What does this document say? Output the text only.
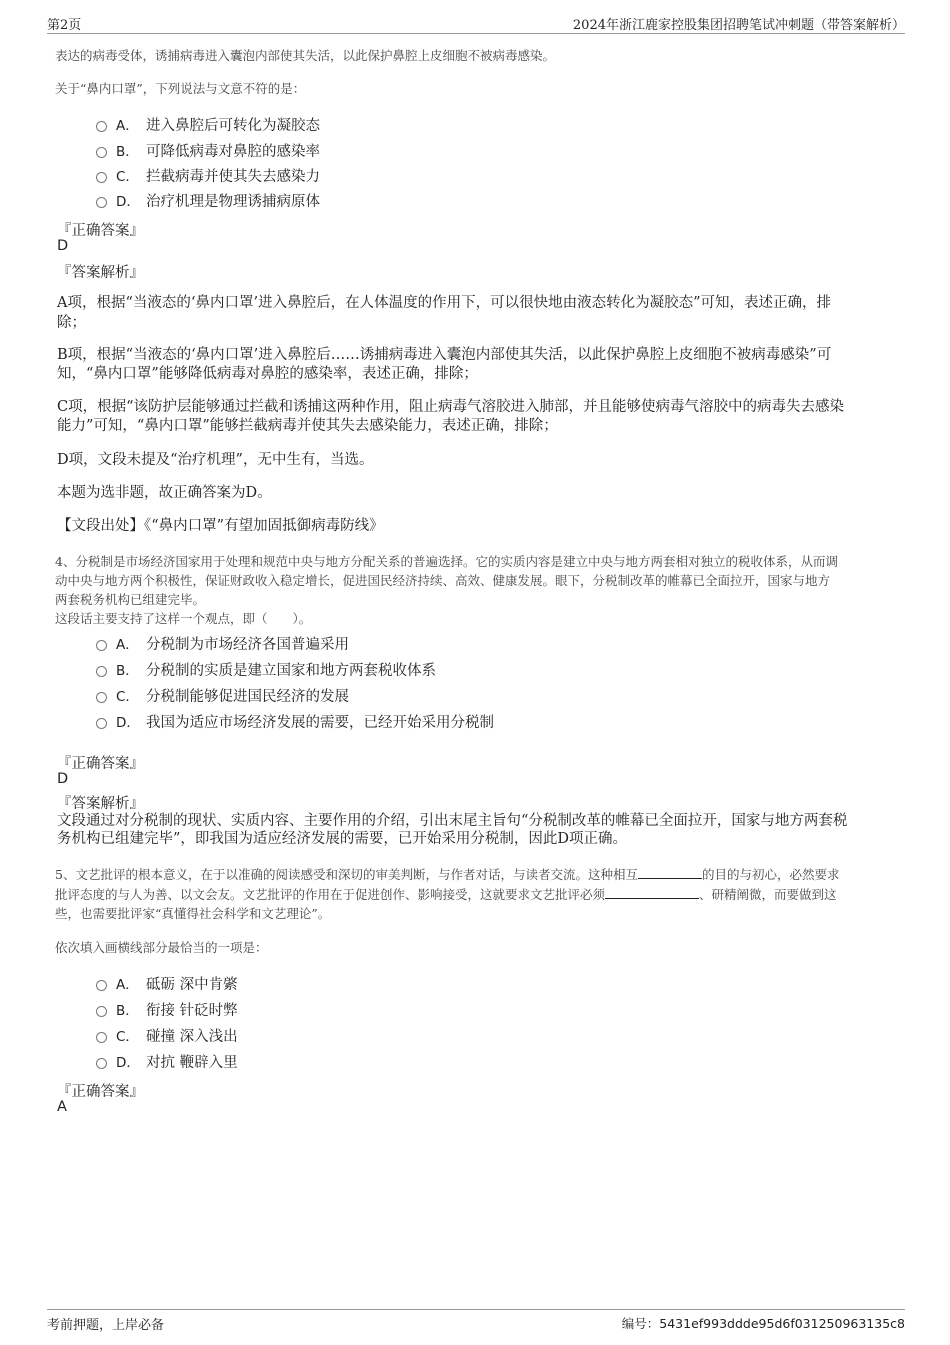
第2页	2024年浙江鹿家控股集团招聘笔试冲刺题（带答案解析）
表达的病毒受体，诱捕病毒进入囊泡内部使其失活，以此保护鼻腔上皮细胞不被病毒感染。
关于“鼻内口罩”，下列说法与文意不符的是：
A． 进入鼻腔后可转化为凝胶态
B． 可降低病毒对鼻腔的感染率
C． 拦截病毒并使其失去感染力
D． 治疗机理是物理诱捕病原体
『正确答案』
D
『答案解析』
A项，根据“当液态的‘鼻内口罩’进入鼻腔后，在人体温度的作用下，可以很快地由液态转化为凝胶态”可知，表述正确，排
除；
B项，根据“当液态的‘鼻内口罩’进入鼻腔后……诱捕病毒进入囊泡内部使其失活，以此保护鼻腔上皮细胞不被病毒感染”可
知，“鼻内口罩”能够降低病毒对鼻腔的感染率，表述正确，排除；
C项，根据“该防护层能够通过拦截和诱捕这两种作用，阻止病毒气溶胶进入肺部，并且能够使病毒气溶胶中的病毒失去感染
能力”可知，“鼻内口罩”能够拦截病毒并使其失去感染能力，表述正确，排除；
D项，文段未提及“治疗机理”，无中生有，当选。
本题为选非题，故正确答案为D。
【文段出处】《“鼻内口罩”有望加固抵御病毒防线》
4、分税制是市场经济国家用于处理和规范中央与地方分配关系的普遍选择。它的实质内容是建立中央与地方两套相对独立的税收体系，从而调
动中央与地方两个积极性，保证财政收入稳定增长，促进国民经济持续、高效、健康发展。眼下，分税制改革的帷幕已全面拉开，国家与地方
两套税务机构已组建完毕。
这段话主要支持了这样一个观点，即（　　）。
A． 分税制为市场经济各国普遍采用
B． 分税制的实质是建立国家和地方两套税收体系
C． 分税制能够促进国民经济的发展
D． 我国为适应市场经济发展的需要，已经开始采用分税制
『正确答案』
D
『答案解析』
文段通过对分税制的现状、实质内容、主要作用的介绍，引出末尾主旨句“分税制改革的帷幕已全面拉开，国家与地方两套税
务机构已组建完毕”，即我国为适应经济发展的需要，已开始采用分税制，因此D项正确。
5、文艺批评的根本意义，在于以准确的阅读感受和深切的审美判断，与作者对话，与读者交流。这种相互	的目的与初心，必然要求
批评态度的与人为善、以文会友。文艺批评的作用在于促进创作、影响接受，这就要求文艺批评必须	、研精阐微，而要做到这
些，也需要批评家“真懂得社会科学和文艺理论”。
依次填入画横线部分最恰当的一项是：
A． 砥砺 深中肯綮
B． 衔接 针砭时弊
C． 碰撞 深入浅出
D． 对抗 鞭辟入里
『正确答案』
A
考前押题，上岸必备	编号：5431ef993ddde95d6f031250963135c8
